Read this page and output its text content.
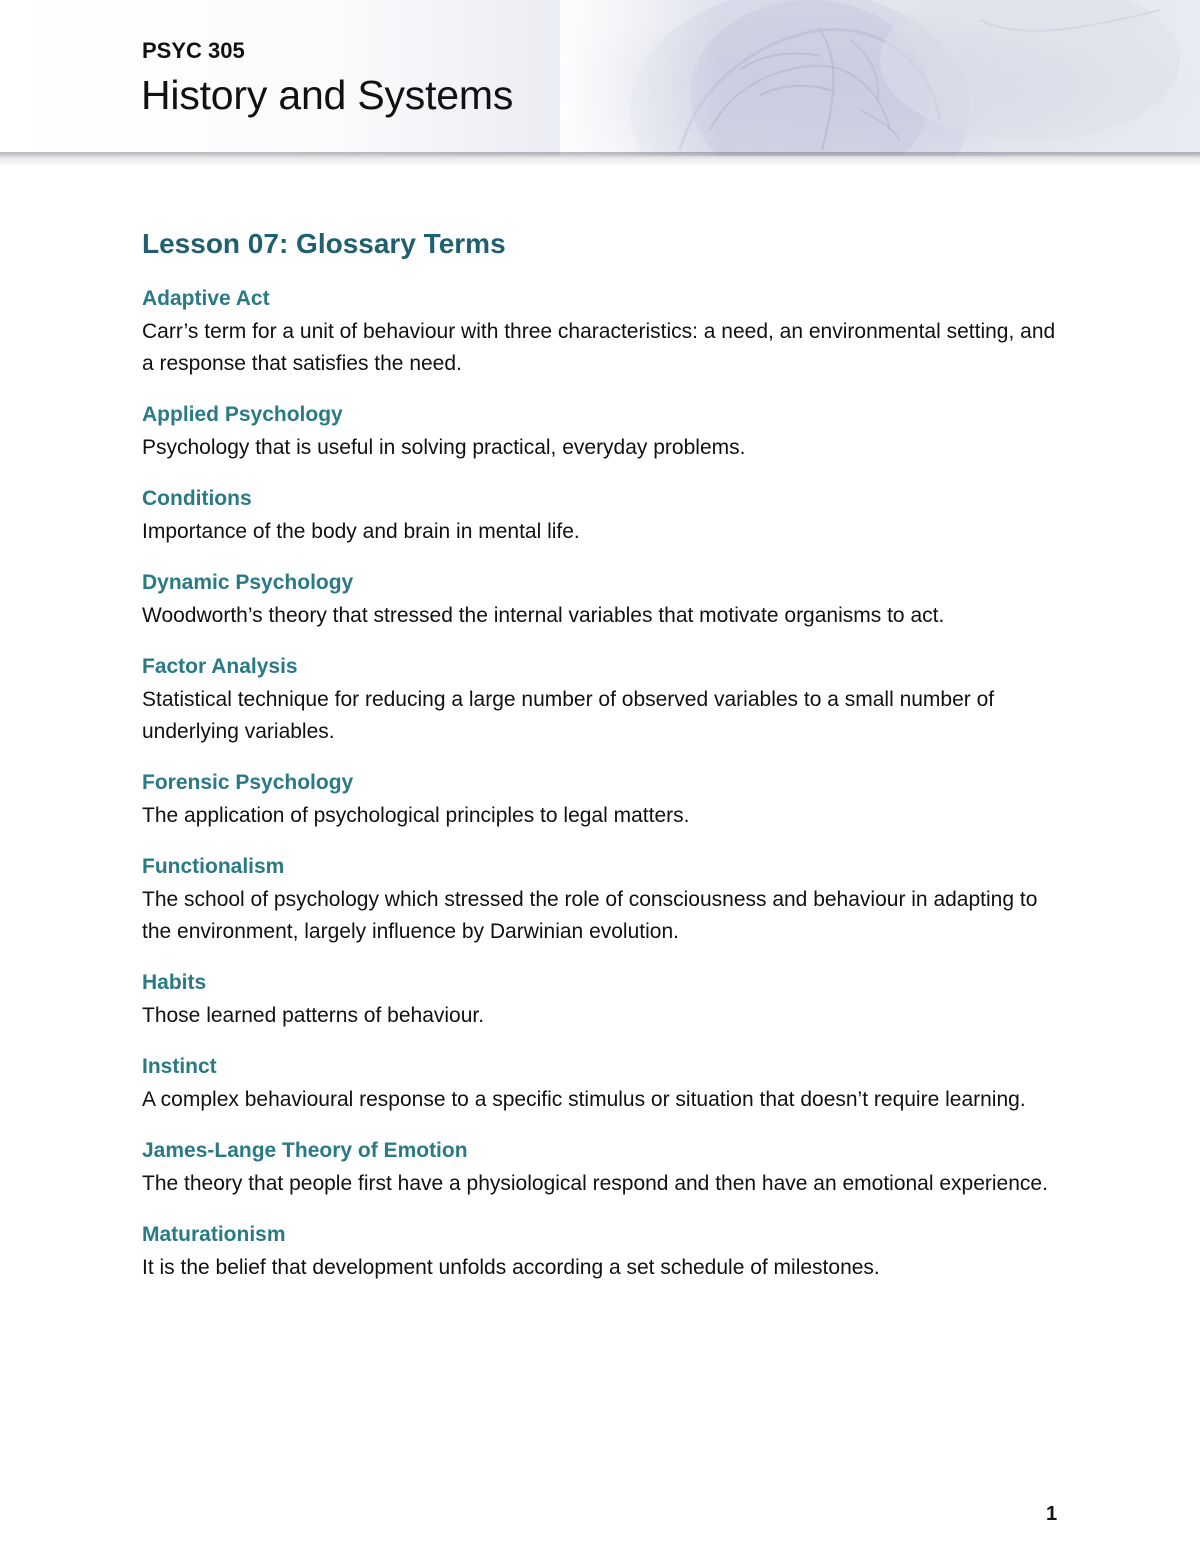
PSYC 305
History and Systems
Lesson 07: Glossary Terms
Adaptive Act
Carr’s term for a unit of behaviour with three characteristics: a need, an environmental setting, and a response that satisfies the need.
Applied Psychology
Psychology that is useful in solving practical, everyday problems.
Conditions
Importance of the body and brain in mental life.
Dynamic Psychology
Woodworth’s theory that stressed the internal variables that motivate organisms to act.
Factor Analysis
Statistical technique for reducing a large number of observed variables to a small number of underlying variables.
Forensic Psychology
The application of psychological principles to legal matters.
Functionalism
The school of psychology which stressed the role of consciousness and behaviour in adapting to the environment, largely influence by Darwinian evolution.
Habits
Those learned patterns of behaviour.
Instinct
A complex behavioural response to a specific stimulus or situation that doesn’t require learning.
James-Lange Theory of Emotion
The theory that people first have a physiological respond and then have an emotional experience.
Maturationism
It is the belief that development unfolds according a set schedule of milestones.
1
